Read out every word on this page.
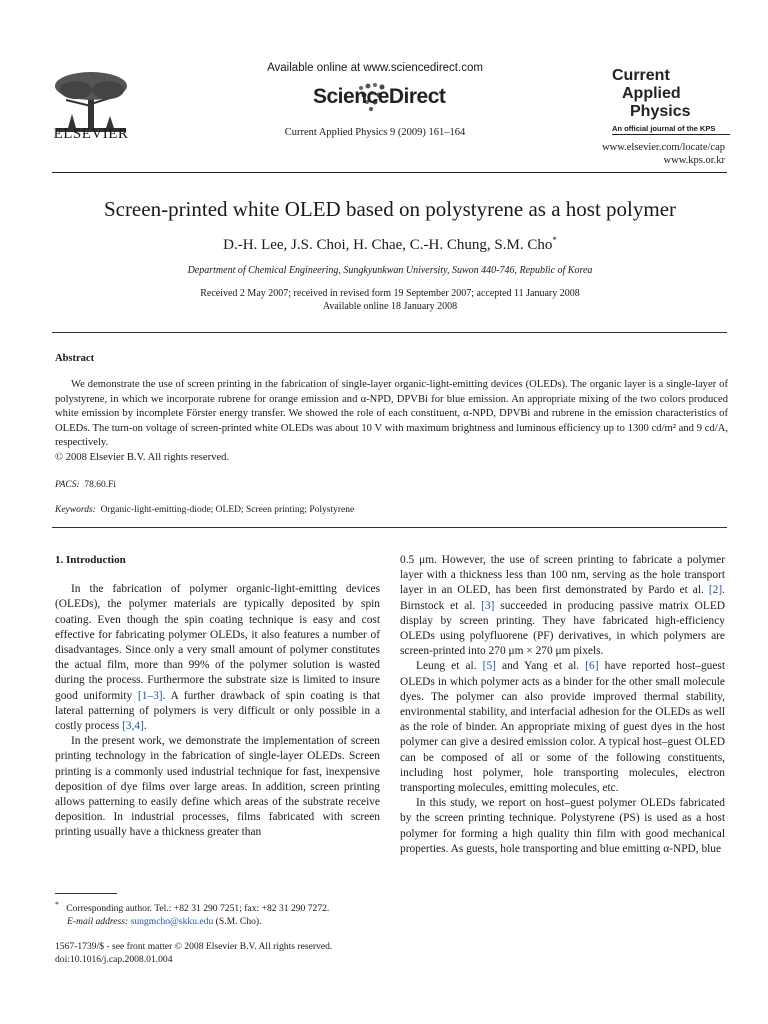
ELSEVIER
Available online at www.sciencedirect.com
ScienceDirect
Current Applied Physics 9 (2009) 161–164
Current
Applied
Physics
An official journal of the KPS
www.elsevier.com/locate/cap
www.kps.or.kr
Screen-printed white OLED based on polystyrene as a host polymer
D.-H. Lee, J.S. Choi, H. Chae, C.-H. Chung, S.M. Cho*
Department of Chemical Engineering, Sungkyunkwan University, Suwon 440-746, Republic of Korea
Received 2 May 2007; received in revised form 19 September 2007; accepted 11 January 2008
Available online 18 January 2008
Abstract

We demonstrate the use of screen printing in the fabrication of single-layer organic-light-emitting devices (OLEDs). The organic layer is a single-layer of polystyrene, in which we incorporate rubrene for orange emission and α-NPD, DPVBi for blue emission. An appropriate mixing of the two colors produced white emission by incomplete Förster energy transfer. We showed the role of each constituent, α-NPD, DPVBi and rubrene in the emission characteristics of OLEDs. The turn-on voltage of screen-printed white OLEDs was about 10 V with maximum brightness and luminous efficiency up to 1300 cd/m² and 9 cd/A, respectively.

© 2008 Elsevier B.V. All rights reserved.

PACS: 78.60.Fi
Keywords: Organic-light-emitting-diode; OLED; Screen printing; Polystyrene

1. Introduction

In the fabrication of polymer organic-light-emitting devices (OLEDs), the polymer materials are typically deposited by spin coating. Even though the spin coating technique is easy and cost effective for fabricating polymer OLEDs, it also features a number of disadvantages. Since only a very small amount of polymer constitutes the actual film, more than 99% of the polymer solution is wasted during the process. Furthermore the substrate size is limited to insure good uniformity [1–3]. A further drawback of spin coating is that lateral patterning of polymers is very difficult or only possible in a costly process [3,4].

In the present work, we demonstrate the implementation of screen printing technology in the fabrication of single-layer OLEDs. Screen printing is a commonly used industrial technique for fast, inexpensive deposition of dye films over large areas. In addition, screen printing allows patterning to easily define which areas of the substrate receive deposition. In industrial processes, films fabricated with screen printing usually have a thickness greater than

0.5 μm. However, the use of screen printing to fabricate a polymer layer with a thickness less than 100 nm, serving as the hole transport layer in an OLED, has been first demonstrated by Pardo et al. [2]. Birnstock et al. [3] succeeded in producing passive matrix OLED display by screen printing. They have fabricated high-efficiency OLEDs using polyfluorene (PF) derivatives, in which polymers are screen-printed into 270 μm × 270 μm pixels.

Leung et al. [5] and Yang et al. [6] have reported host–guest OLEDs in which polymer acts as a binder for the other small molecule dyes. The polymer can also provide improved thermal stability, environmental stability, and interfacial adhesion for the OLEDs as well as the role of binder. An appropriate mixing of guest dyes in the host polymer can give a desired emission color. A typical host–guest OLED can be composed of all or some of the following constituents, including host polymer, hole transporting molecules, electron transporting molecules, emitting molecules, etc.

In this study, we report on host–guest polymer OLEDs fabricated by the screen printing technique. Polystyrene (PS) is used as a host polymer for forming a high quality thin film with good mechanical properties. As guests, hole transporting and blue emitting α-NPD, blue

* Corresponding author. Tel.: +82 31 290 7251; fax: +82 31 290 7272.
E-mail address: sungmcho@skku.edu (S.M. Cho).
1567-1739/$ - see front matter © 2008 Elsevier B.V. All rights reserved.
doi:10.1016/j.cap.2008.01.004
